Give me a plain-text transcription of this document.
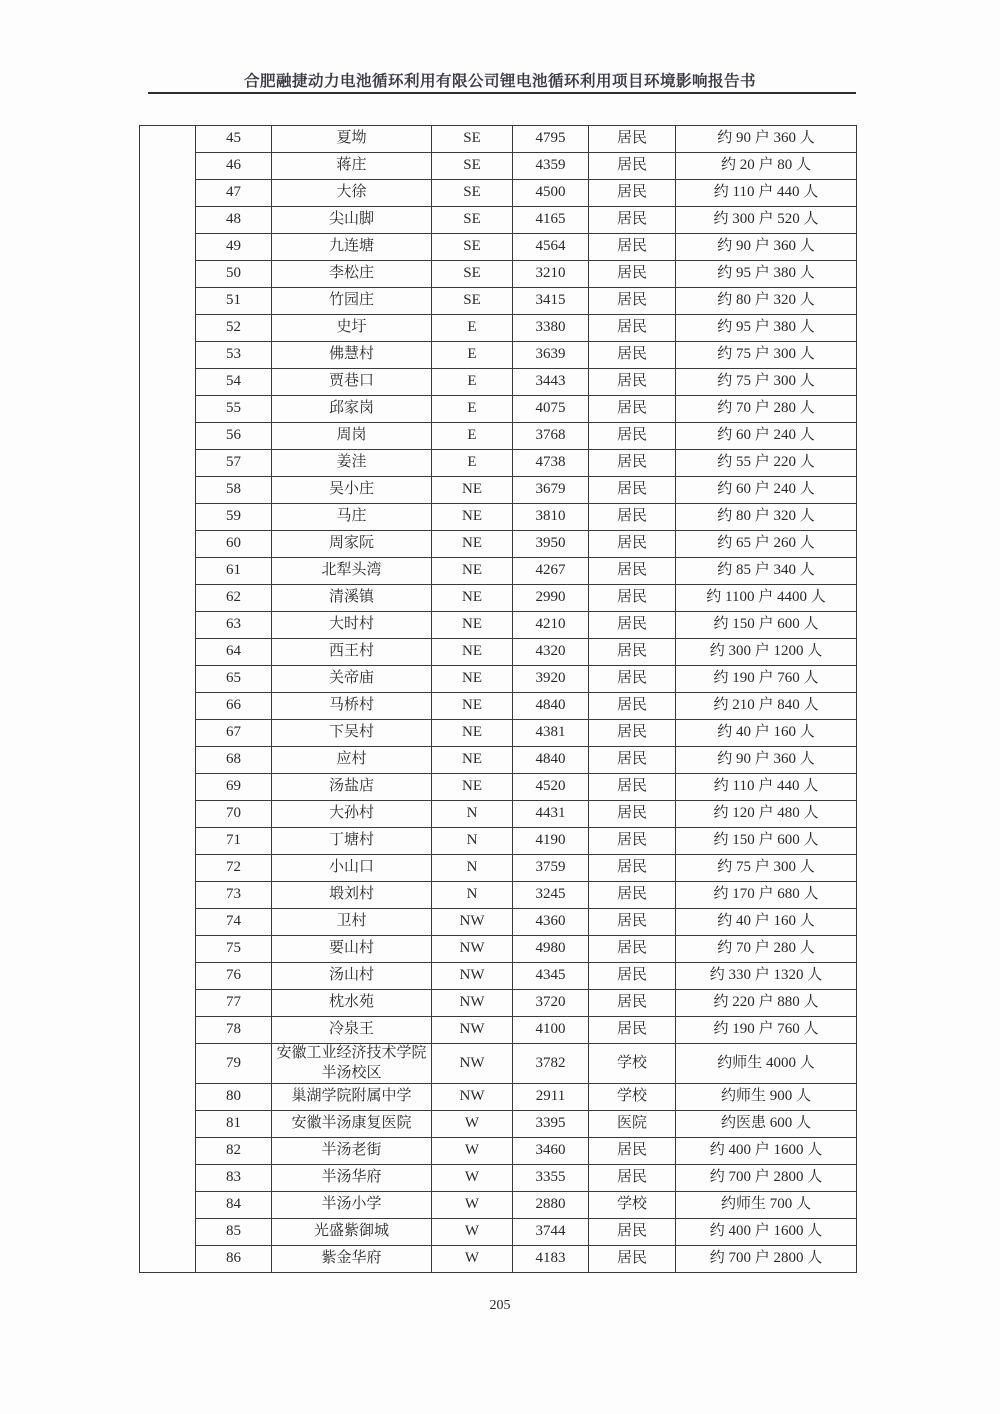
合肥融捷动力电池循环利用有限公司锂电池循环利用项目环境影响报告书
	45	夏坳	SE	4795	居民	约 90 户 360 人
	46	蒋庄	SE	4359	居民	约 20 户 80 人
	47	大徐	SE	4500	居民	约 110 户 440 人
	48	尖山脚	SE	4165	居民	约 300 户 520 人
	49	九连塘	SE	4564	居民	约 90 户 360 人
	50	李松庄	SE	3210	居民	约 95 户 380 人
	51	竹园庄	SE	3415	居民	约 80 户 320 人
	52	史圩	E	3380	居民	约 95 户 380 人
	53	佛慧村	E	3639	居民	约 75 户 300 人
	54	贾巷口	E	3443	居民	约 75 户 300 人
	55	邱家岗	E	4075	居民	约 70 户 280 人
	56	周岗	E	3768	居民	约 60 户 240 人
	57	姜洼	E	4738	居民	约 55 户 220 人
	58	吴小庄	NE	3679	居民	约 60 户 240 人
	59	马庄	NE	3810	居民	约 80 户 320 人
	60	周家阮	NE	3950	居民	约 65 户 260 人
	61	北犁头湾	NE	4267	居民	约 85 户 340 人
	62	清溪镇	NE	2990	居民	约 1100 户 4400 人
	63	大时村	NE	4210	居民	约 150 户 600 人
	64	西王村	NE	4320	居民	约 300 户 1200 人
	65	关帝庙	NE	3920	居民	约 190 户 760 人
	66	马桥村	NE	4840	居民	约 210 户 840 人
	67	下吴村	NE	4381	居民	约 40 户 160 人
	68	应村	NE	4840	居民	约 90 户 360 人
	69	汤盐店	NE	4520	居民	约 110 户 440 人
	70	大孙村	N	4431	居民	约 120 户 480 人
	71	丁塘村	N	4190	居民	约 150 户 600 人
	72	小山口	N	3759	居民	约 75 户 300 人
	73	塅刘村	N	3245	居民	约 170 户 680 人
	74	卫村	NW	4360	居民	约 40 户 160 人
	75	要山村	NW	4980	居民	约 70 户 280 人
	76	汤山村	NW	4345	居民	约 330 户 1320 人
	77	枕水苑	NW	3720	居民	约 220 户 880 人
	78	冷泉王	NW	4100	居民	约 190 户 760 人
	79	安徽工业经济技术学院半汤校区	NW	3782	学校	约师生 4000 人
	80	巢湖学院附属中学	NW	2911	学校	约师生 900 人
	81	安徽半汤康复医院	W	3395	医院	约医患 600 人
	82	半汤老街	W	3460	居民	约 400 户 1600 人
	83	半汤华府	W	3355	居民	约 700 户 2800 人
	84	半汤小学	W	2880	学校	约师生 700 人
	85	光盛紫御城	W	3744	居民	约 400 户 1600 人
	86	紫金华府	W	4183	居民	约 700 户 2800 人
205
